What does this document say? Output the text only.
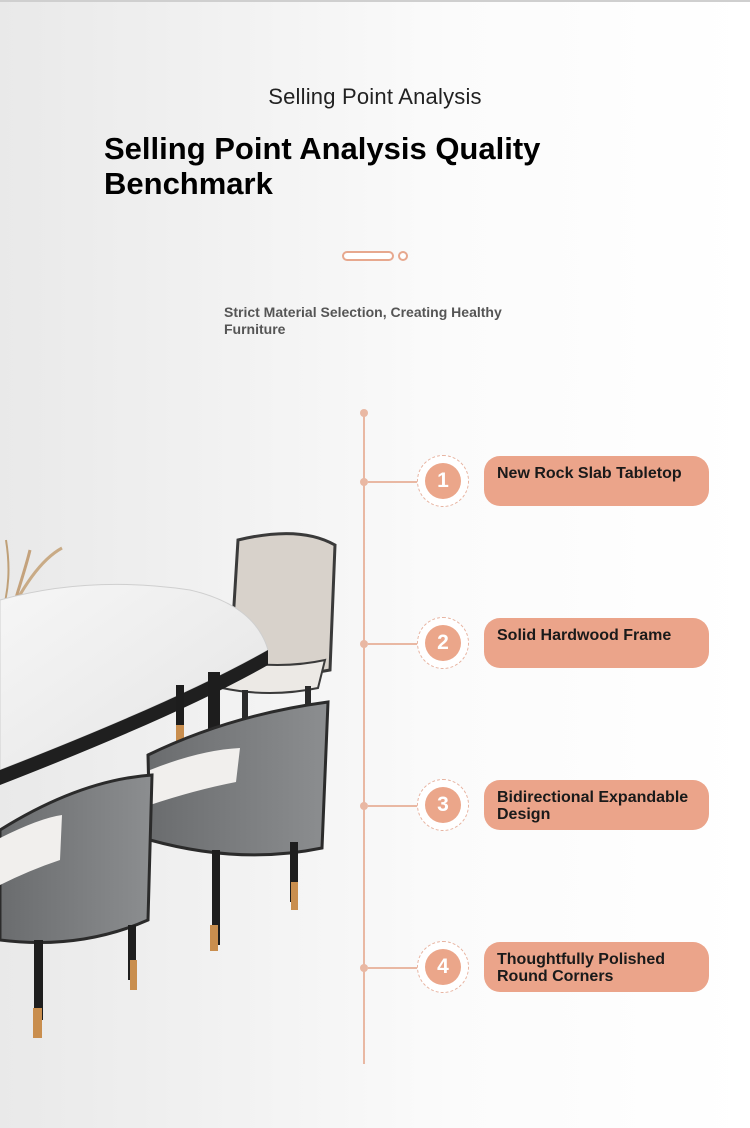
Selling Point Analysis
Selling Point Analysis Quality Benchmark
Strict Material Selection, Creating Healthy Furniture
1	New Rock Slab Tabletop
2	Solid Hardwood Frame
3	Bidirectional Expandable Design
4	Thoughtfully Polished Round Corners
